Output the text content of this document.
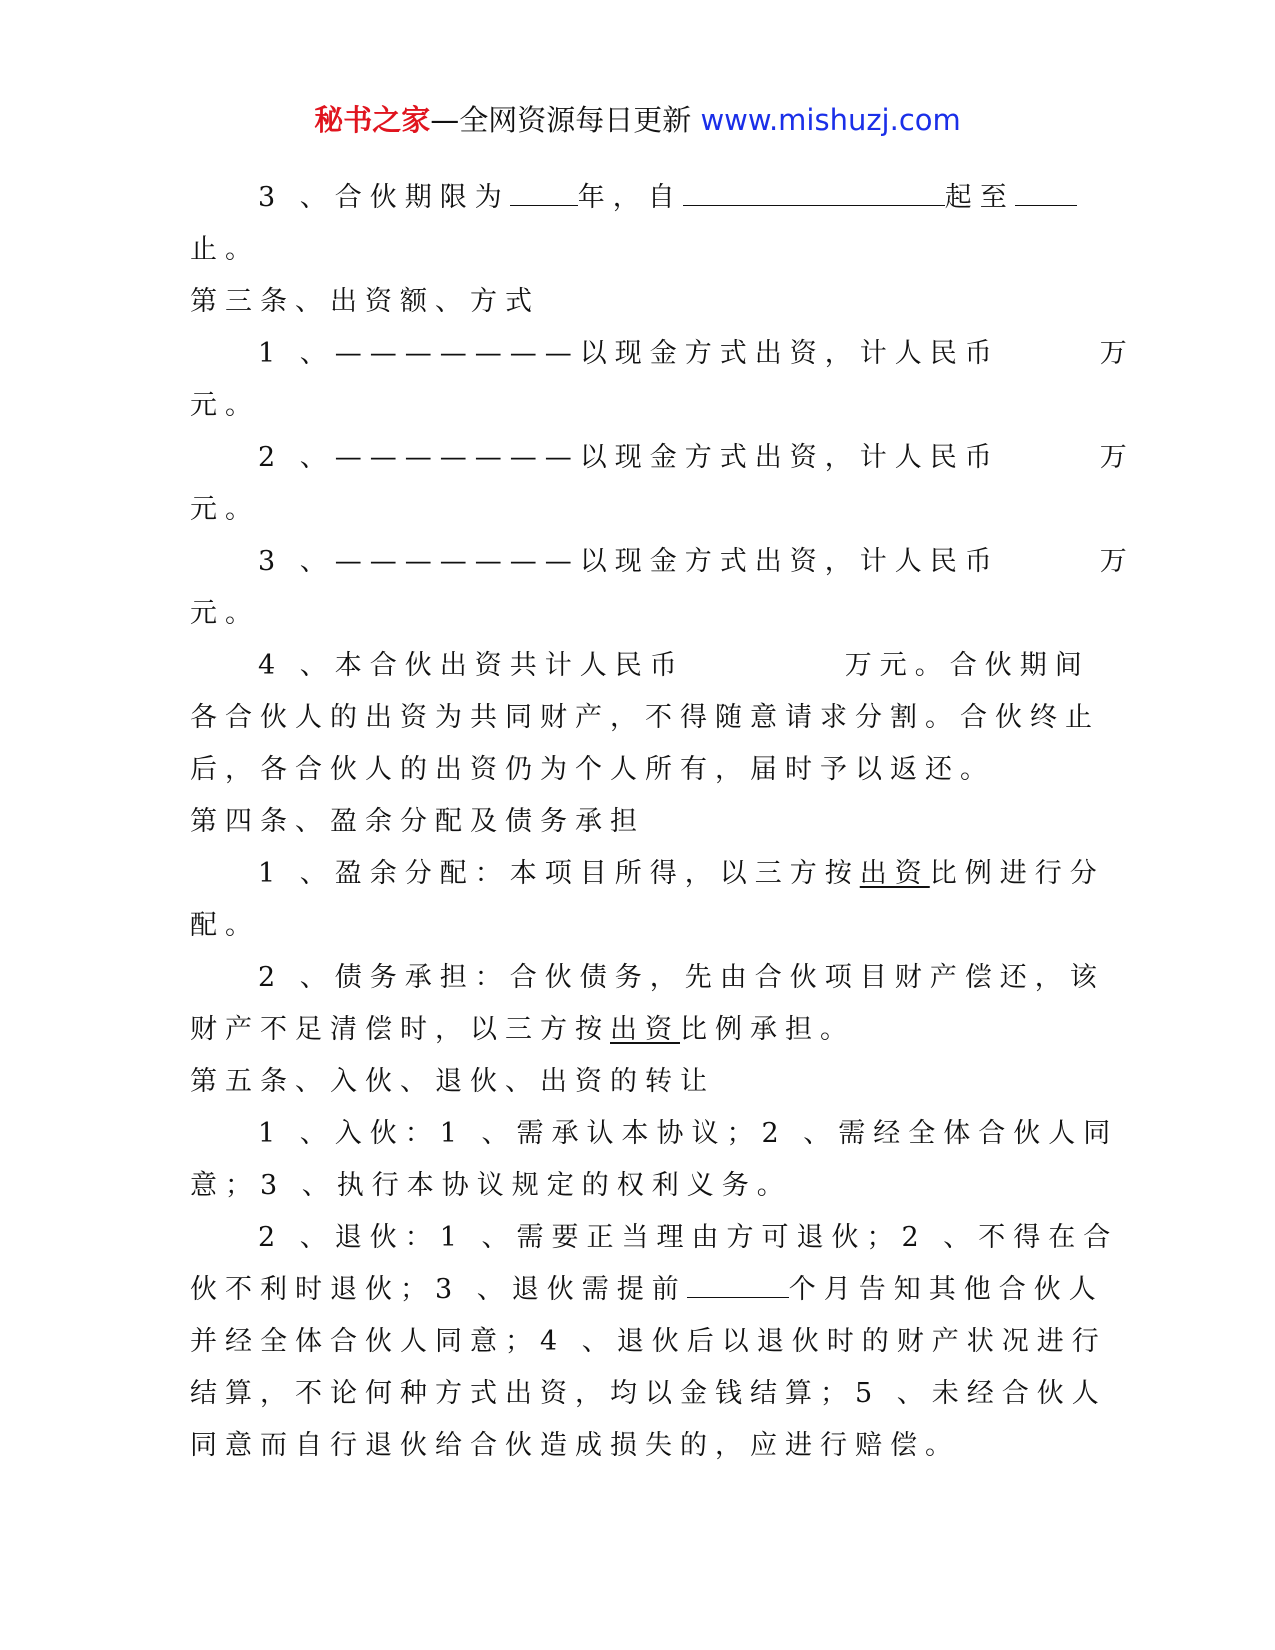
秘书之家—全网资源每日更新 www.mishuzj.com
3 、合伙期限为	年，自	起至
止。
第三条、出资额、方式
1 、———————以现金方式出资，计人民币	万
元。
2 、———————以现金方式出资，计人民币	万
元。
3 、———————以现金方式出资，计人民币	万
元。
4 、本合伙出资共计人民币	万元。合伙期间
各合伙人的出资为共同财产，不得随意请求分割。合伙终止
后，各合伙人的出资仍为个人所有，届时予以返还。
第四条、盈余分配及债务承担
1 、盈余分配：本项目所得，以三方按出资比例进行分
配。
2 、债务承担：合伙债务，先由合伙项目财产偿还，该
财产不足清偿时，以三方按出资比例承担。
第五条、入伙、退伙、出资的转让
1 、入伙：1 、需承认本协议；2 、需经全体合伙人同
意；3 、执行本协议规定的权利义务。
2 、退伙：1 、需要正当理由方可退伙；2 、不得在合
伙不利时退伙；3 、退伙需提前	个月告知其他合伙人
并经全体合伙人同意；4 、退伙后以退伙时的财产状况进行
结算，不论何种方式出资，均以金钱结算；5 、未经合伙人
同意而自行退伙给合伙造成损失的，应进行赔偿。
